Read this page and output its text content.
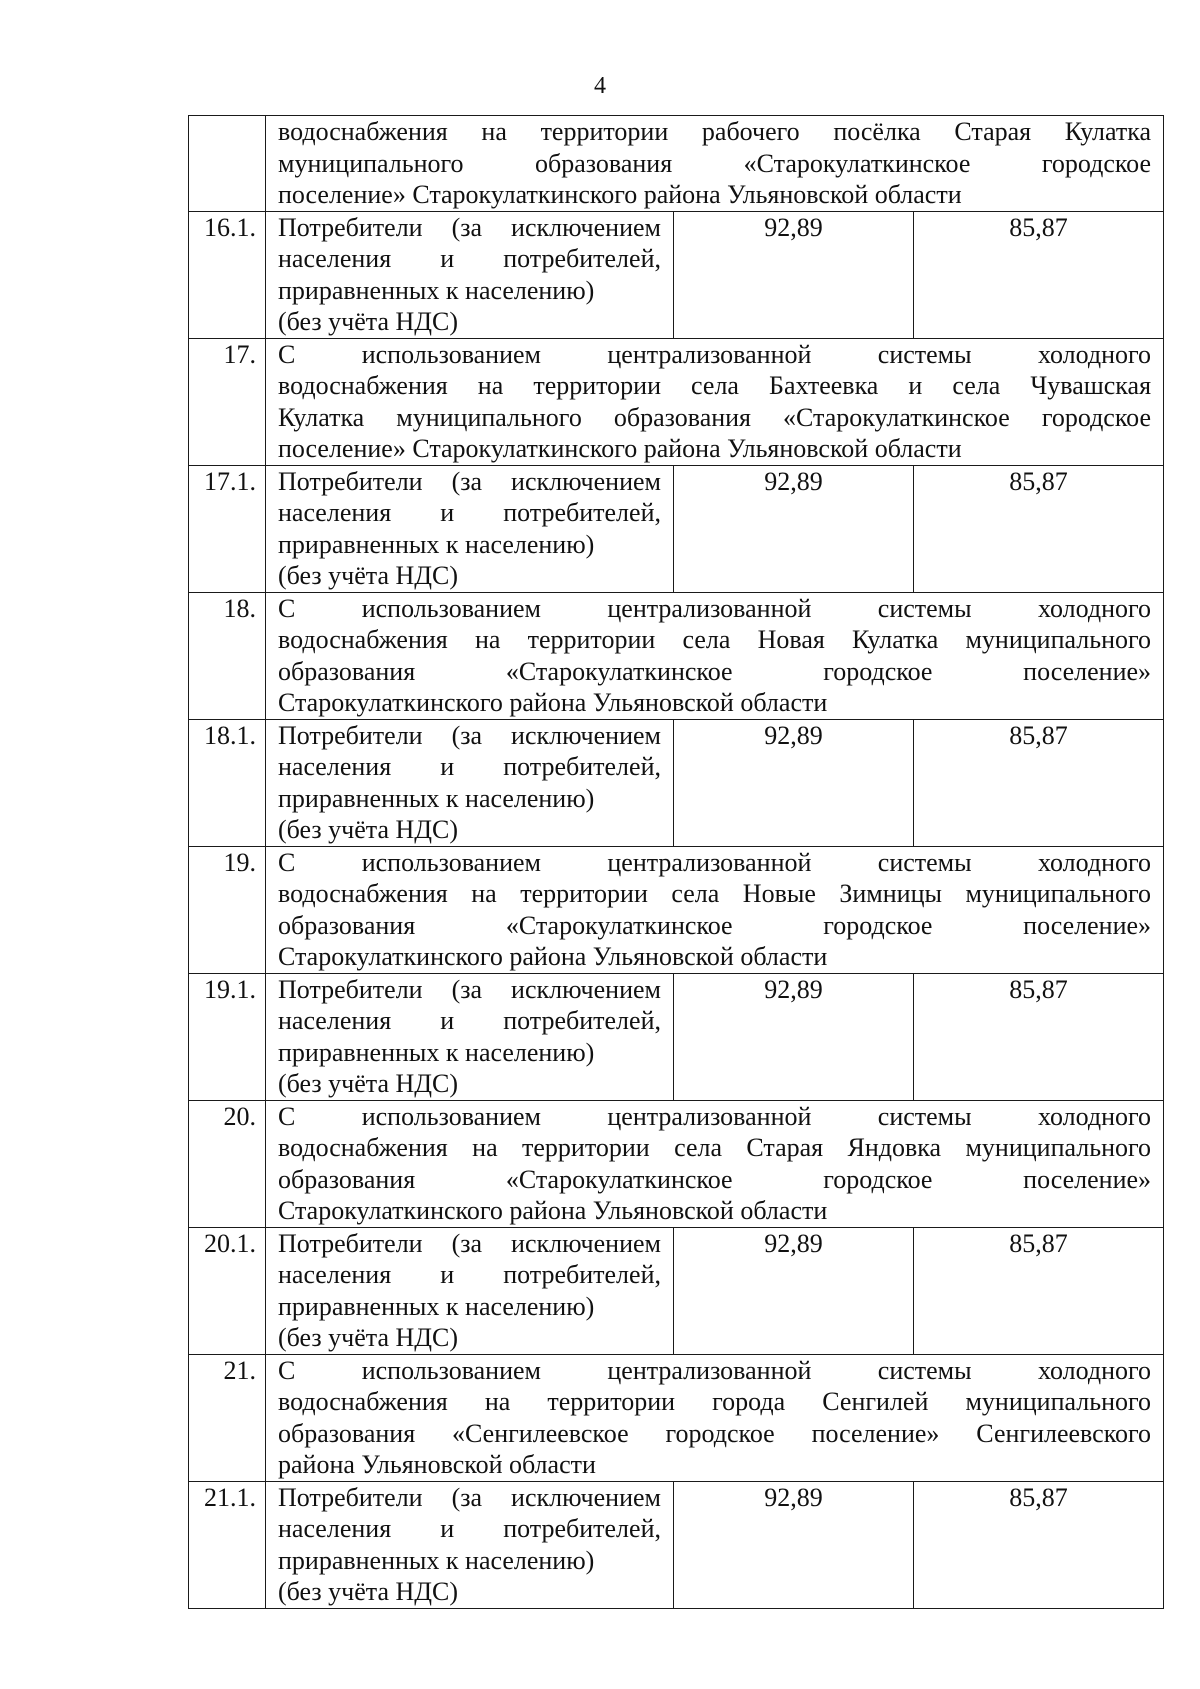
4

	водоснабжения на территории рабочего посёлка Старая Кулатка
муниципального образования «Старокулаткинское городское
поселение» Старокулаткинского района Ульяновской области		

16.1.	Потребители (за исключением
населения и потребителей,
приравненных к населению)
(без учёта НДС)	92,89	85,87
17.	С использованием централизованной системы холодного
водоснабжения на территории села Бахтеевка и села Чувашская
Кулатка муниципального образования «Старокулаткинское городское
поселение» Старокулаткинского района Ульяновской области		

17.1.	Потребители (за исключением
населения и потребителей,
приравненных к населению)
(без учёта НДС)	92,89	85,87
18.	С использованием централизованной системы холодного
водоснабжения на территории села Новая Кулатка муниципального
образования «Старокулаткинское городское поселение»
Старокулаткинского района Ульяновской области		

18.1.	Потребители (за исключением
населения и потребителей,
приравненных к населению)
(без учёта НДС)	92,89	85,87
19.	С использованием централизованной системы холодного
водоснабжения на территории села Новые Зимницы муниципального
образования «Старокулаткинское городское поселение»
Старокулаткинского района Ульяновской области		

19.1.	Потребители (за исключением
населения и потребителей,
приравненных к населению)
(без учёта НДС)	92,89	85,87
20.	С использованием централизованной системы холодного
водоснабжения на территории села Старая Яндовка муниципального
образования «Старокулаткинское городское поселение»
Старокулаткинского района Ульяновской области		

20.1.	Потребители (за исключением
населения и потребителей,
приравненных к населению)
(без учёта НДС)	92,89	85,87
21.	С использованием централизованной системы холодного
водоснабжения на территории города Сенгилей муниципального
образования «Сенгилеевское городское поселение» Сенгилеевского
района Ульяновской области		

21.1.	Потребители (за исключением
населения и потребителей,
приравненных к населению)
(без учёта НДС)	92,89	85,87
